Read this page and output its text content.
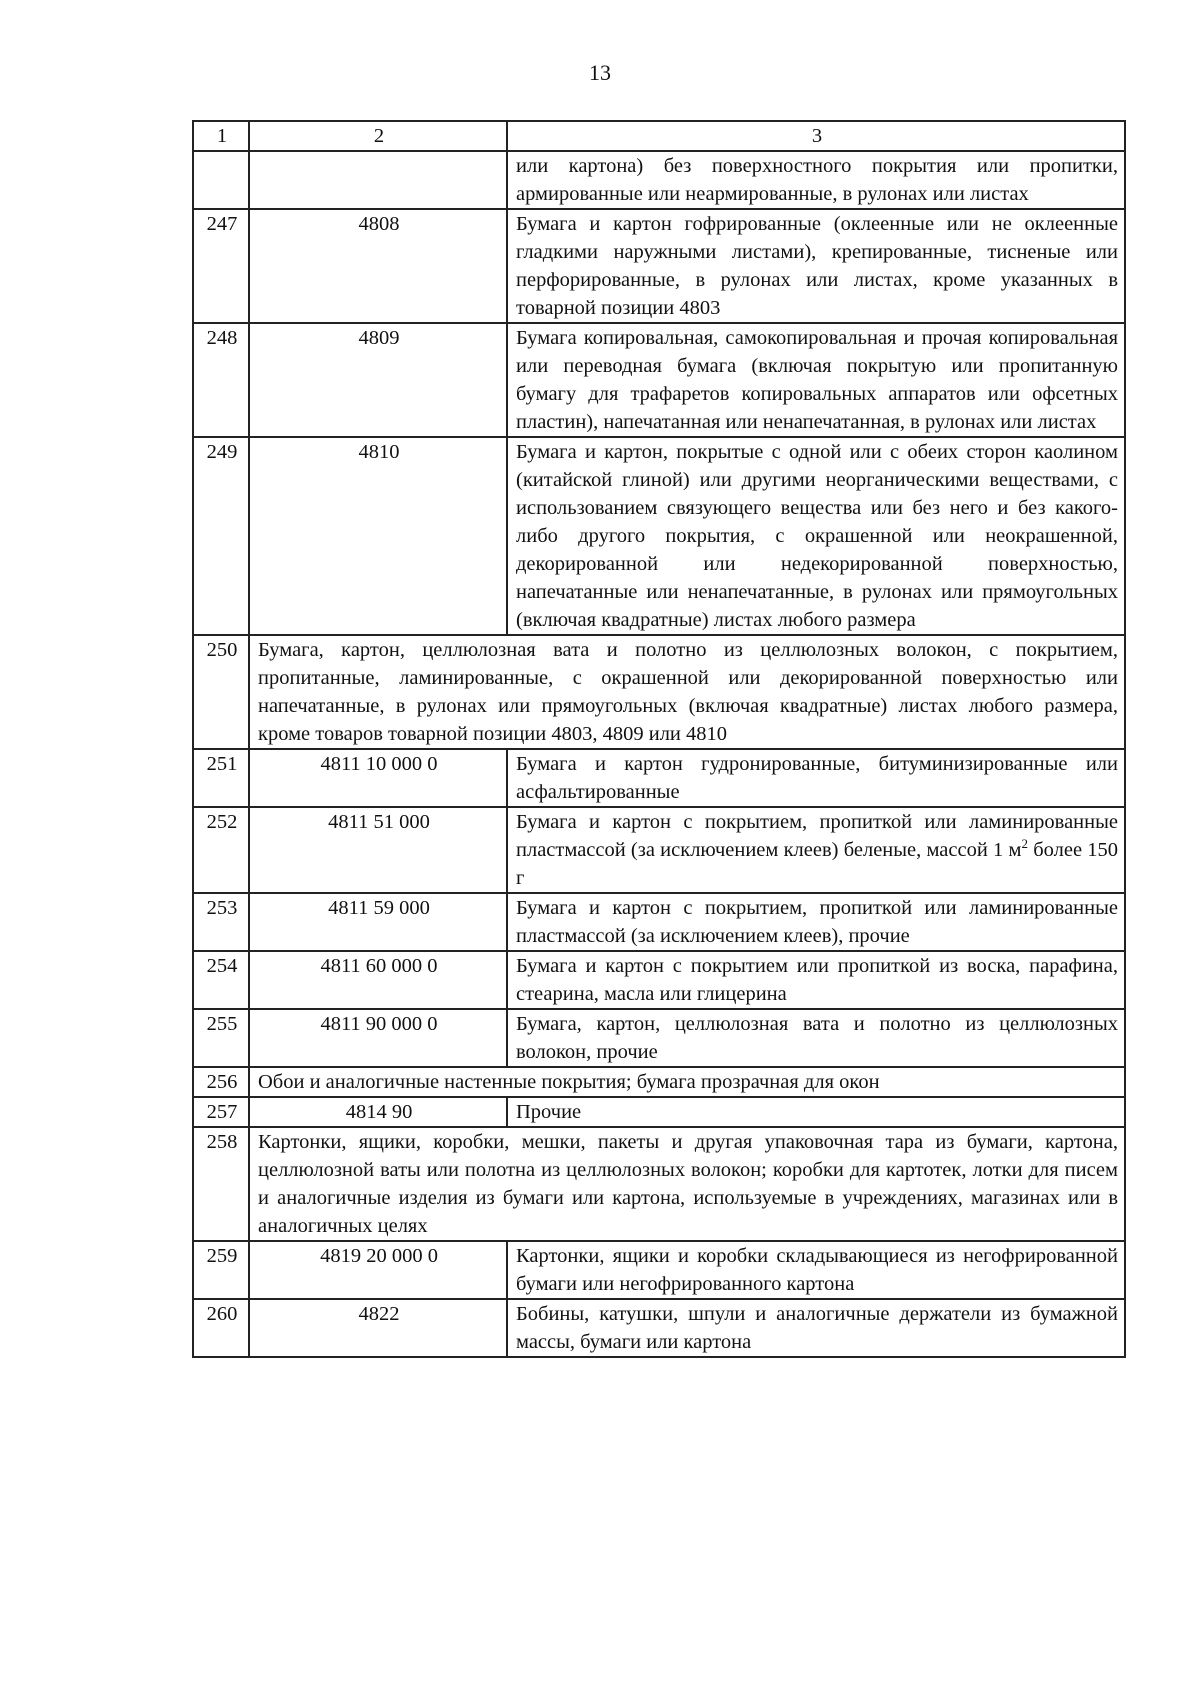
13
1	2	3
		или картона) без поверхностного покрытия или пропитки, армированные или неармированные, в рулонах или листах
247	4808	Бумага и картон гофрированные (оклеенные или не оклеенные гладкими наружными листами), крепированные, тисненые или перфорированные, в рулонах или листах, кроме указанных в товарной позиции 4803
248	4809	Бумага копировальная, самокопировальная и прочая копировальная или переводная бумага (включая покрытую или пропитанную бумагу для трафаретов копировальных аппаратов или офсетных пластин), напечатанная или ненапечатанная, в рулонах или листах
249	4810	Бумага и картон, покрытые с одной или с обеих сторон каолином (китайской глиной) или другими неорганическими веществами, с использованием связующего вещества или без него и без какого-либо другого покрытия, с окрашенной или неокрашенной, декорированной или недекорированной поверхностью, напечатанные или ненапечатанные, в рулонах или прямоугольных (включая квадратные) листах любого размера
250	Бумага, картон, целлюлозная вата и полотно из целлюлозных волокон, с покрытием, пропитанные, ламинированные, с окрашенной или декорированной поверхностью или напечатанные, в рулонах или прямоугольных (включая квадратные) листах любого размера, кроме товаров товарной позиции 4803, 4809 или 4810	
251	4811 10 000 0	Бумага и картон гудронированные, битуминизированные или асфальтированные
252	4811 51 000	Бумага и картон с покрытием, пропиткой или ламинированные пластмассой (за исключением клеев) беленые, массой 1 $м^2$ более 150 г
253	4811 59 000	Бумага и картон с покрытием, пропиткой или ламинированные пластмассой (за исключением клеев), прочие
254	4811 60 000 0	Бумага и картон с покрытием или пропиткой из воска, парафина, стеарина, масла или глицерина
255	4811 90 000 0	Бумага, картон, целлюлозная вата и полотно из целлюлозных волокон, прочие
256	Обои и аналогичные настенные покрытия; бумага прозрачная для окон	
257	4814 90	Прочие
258	Картонки, ящики, коробки, мешки, пакеты и другая упаковочная тара из бумаги, картона, целлюлозной ваты или полотна из целлюлозных волокон; коробки для картотек, лотки для писем и аналогичные изделия из бумаги или картона, используемые в учреждениях, магазинах или в аналогичных целях	
259	4819 20 000 0	Картонки, ящики и коробки складывающиеся из негофрированной бумаги или негофрированного картона
260	4822	Бобины, катушки, шпули и аналогичные держатели из бумажной массы, бумаги или картона
